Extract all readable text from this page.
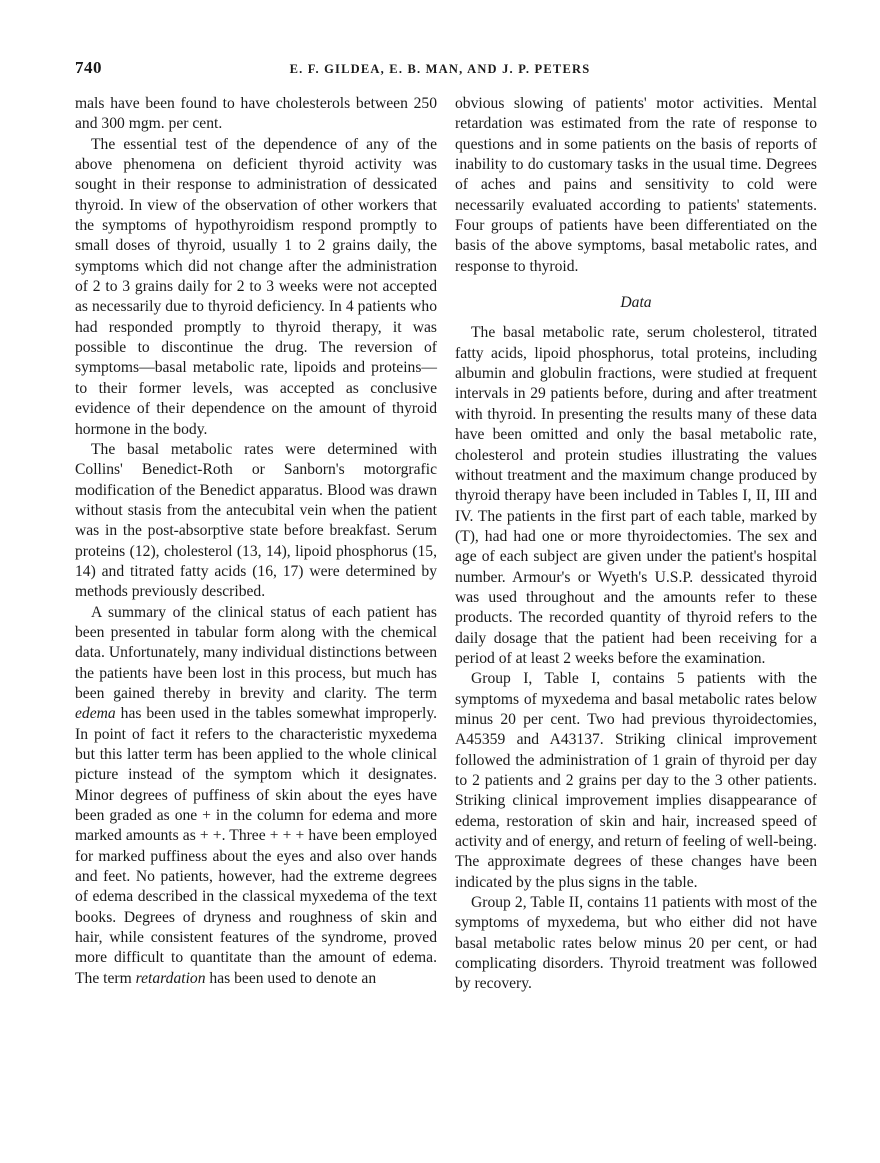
740	E. F. GILDEA, E. B. MAN, AND J. P. PETERS

mals have been found to have cholesterols between 250 and 300 mgm. per cent.

The essential test of the dependence of any of the above phenomena on deficient thyroid activity was sought in their response to administration of dessicated thyroid. In view of the observation of other workers that the symptoms of hypothyroidism respond promptly to small doses of thyroid, usually 1 to 2 grains daily, the symptoms which did not change after the administration of 2 to 3 grains daily for 2 to 3 weeks were not accepted as necessarily due to thyroid deficiency. In 4 patients who had responded promptly to thyroid therapy, it was possible to discontinue the drug. The reversion of symptoms—basal metabolic rate, lipoids and proteins—to their former levels, was accepted as conclusive evidence of their dependence on the amount of thyroid hormone in the body.

The basal metabolic rates were determined with Collins' Benedict-Roth or Sanborn's motorgrafic modification of the Benedict apparatus. Blood was drawn without stasis from the antecubital vein when the patient was in the post-absorptive state before breakfast. Serum proteins (12), cholesterol (13, 14), lipoid phosphorus (15, 14) and titrated fatty acids (16, 17) were determined by methods previously described.

A summary of the clinical status of each patient has been presented in tabular form along with the chemical data. Unfortunately, many individual distinctions between the patients have been lost in this process, but much has been gained thereby in brevity and clarity. The term edema has been used in the tables somewhat improperly. In point of fact it refers to the characteristic myxedema but this latter term has been applied to the whole clinical picture instead of the symptom which it designates. Minor degrees of puffiness of skin about the eyes have been graded as one + in the column for edema and more marked amounts as + +. Three + + + have been employed for marked puffiness about the eyes and also over hands and feet. No patients, however, had the extreme degrees of edema described in the classical myxedema of the text books. Degrees of dryness and roughness of skin and hair, while consistent features of the syndrome, proved more difficult to quantitate than the amount of edema. The term retardation has been used to denote an

obvious slowing of patients' motor activities. Mental retardation was estimated from the rate of response to questions and in some patients on the basis of reports of inability to do customary tasks in the usual time. Degrees of aches and pains and sensitivity to cold were necessarily evaluated according to patients' statements. Four groups of patients have been differentiated on the basis of the above symptoms, basal metabolic rates, and response to thyroid.

Data

The basal metabolic rate, serum cholesterol, titrated fatty acids, lipoid phosphorus, total proteins, including albumin and globulin fractions, were studied at frequent intervals in 29 patients before, during and after treatment with thyroid. In presenting the results many of these data have been omitted and only the basal metabolic rate, cholesterol and protein studies illustrating the values without treatment and the maximum change produced by thyroid therapy have been included in Tables I, II, III and IV. The patients in the first part of each table, marked by (T), had had one or more thyroidectomies. The sex and age of each subject are given under the patient's hospital number. Armour's or Wyeth's U.S.P. dessicated thyroid was used throughout and the amounts refer to these products. The recorded quantity of thyroid refers to the daily dosage that the patient had been receiving for a period of at least 2 weeks before the examination.

Group I, Table I, contains 5 patients with the symptoms of myxedema and basal metabolic rates below minus 20 per cent. Two had previous thyroidectomies, A45359 and A43137. Striking clinical improvement followed the administration of 1 grain of thyroid per day to 2 patients and 2 grains per day to the 3 other patients. Striking clinical improvement implies disappearance of edema, restoration of skin and hair, increased speed of activity and of energy, and return of feeling of well-being. The approximate degrees of these changes have been indicated by the plus signs in the table.

Group 2, Table II, contains 11 patients with most of the symptoms of myxedema, but who either did not have basal metabolic rates below minus 20 per cent, or had complicating disorders. Thyroid treatment was followed by recovery.
